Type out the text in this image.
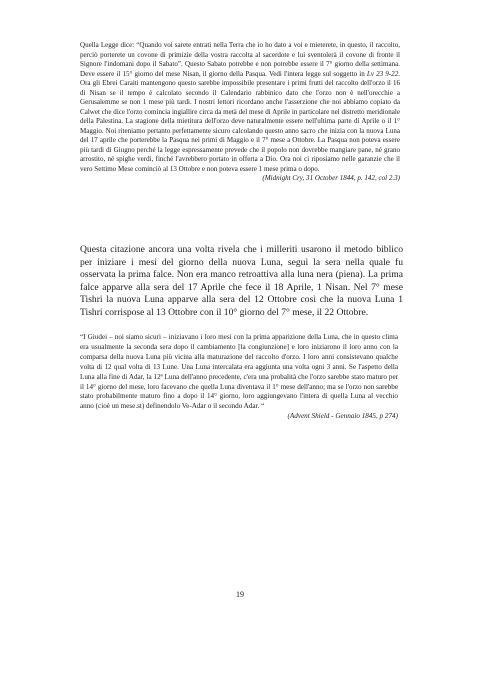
Quella Legge dice: “Quando voi sarete entrati nella Terra che io ho dato a voi e mieterete, in questo, il raccolto, perciò porterete un covone di primizie della vostra raccolta al sacerdote e lui sventolerà il covone di fronte il Signore l'indomani dopo il Sabato”. Questo Sabato potrebbe e non potrebbe essere il 7° giorno della settimana. Deve essere il 15° giorno del mese Nisan, il giorno della Pasqua. Vedi l'intera legge sul soggetto in Lv 23 9-22. Ora gli Ebrei Caraiti mantengono questo sarebbe impossibile presentare i primi frutti del raccolto dell'orzo il 16 di Nisan se il tempo è calcolato secondo il Calendario rabbinico dato che l'orzo non è nell'orecchie a Gerusalemme se non 1 mese più tardi. I nostri lettori ricordano anche l'asserzione che noi abbiamo copiato da Calwet che dice l'orzo comincia ingiallire circa da metà del mese di Aprile in particolare nel distretto meridionale della Palestina. La stagione della mietitura dell'orzo deve naturalmente essere nell'ultima parte di Aprile o il 1° Maggio. Noi riteniamo pertanto perfettamente sicuro calcolando questo anno sacro che inizia con la nuova Luna del 17 aprile che porterebbe la Pasqua nei primi di Maggio e il 7° mese a Ottobre. La Pasqua non poteva essere più tardi di Giugno perché la legge espressamente prevede che il popolo non dovrebbe mangiare pane, né grano arrostito, né spighe verdi, finché l'avrebbero portato in offerta a Dio. Ora noi ci riposiamo nelle garanzie che il vero Settimo Mese cominciò al 13 Ottobre e non poteva essere 1 mese prima o dopo.

(Midnight Cry, 31 October 1844, p. 142, col 2.3)

Questa citazione ancora una volta rivela che i milleriti usarono il metodo biblico per iniziare i mesi del giorno della nuova Luna, seguì la sera nella quale fu osservata la prima falce. Non era manco retroattiva alla luna nera (piena). La prima falce apparve alla sera del 17 Aprile che fece il 18 Aprile, 1 Nisan. Nel 7° mese Tishri la nuova Luna apparve alla sera del 12 Ottobre così che la nuova Luna 1 Tishri corrispose al 13 Ottobre con il 10° giorno del 7° mese, il 22 Ottobre.

“I Giudei – noi siamo sicuri – iniziavano i loro mesi con la prima apparizione della Luna, che in questo clima era usualmente la seconda sera dopo il cambiamento [la congiunzione] e loro iniziarono il loro anno con la comparsa della nuova Luna più vicina alla maturazione del raccolto d'orzo. I loro anni consistevano qualche volta di 12 qual volta di 13 Lune. Una Luna intercalata era aggiunta una volta ogni 3 anni. Se l'aspetto della Luna alla fine di Adar, la 12ª Luna dell'anno precedente, c'era una probalità che l'orzo sarebbe stato maturo per il 14° giorno del mese, loro facevano che quella Luna diventava il 1° mese dell'anno; ma se l'orzo non sarebbe stato probabilmente maturo fino a dopo il 14° giorno, loro aggiungevano l'intera di quella Luna al vecchio anno (cioè un mese.st) definendolo Ve-Adar o il secondo Adar. “

(Advent Shield - Gennaio 1845, p 274)

19
